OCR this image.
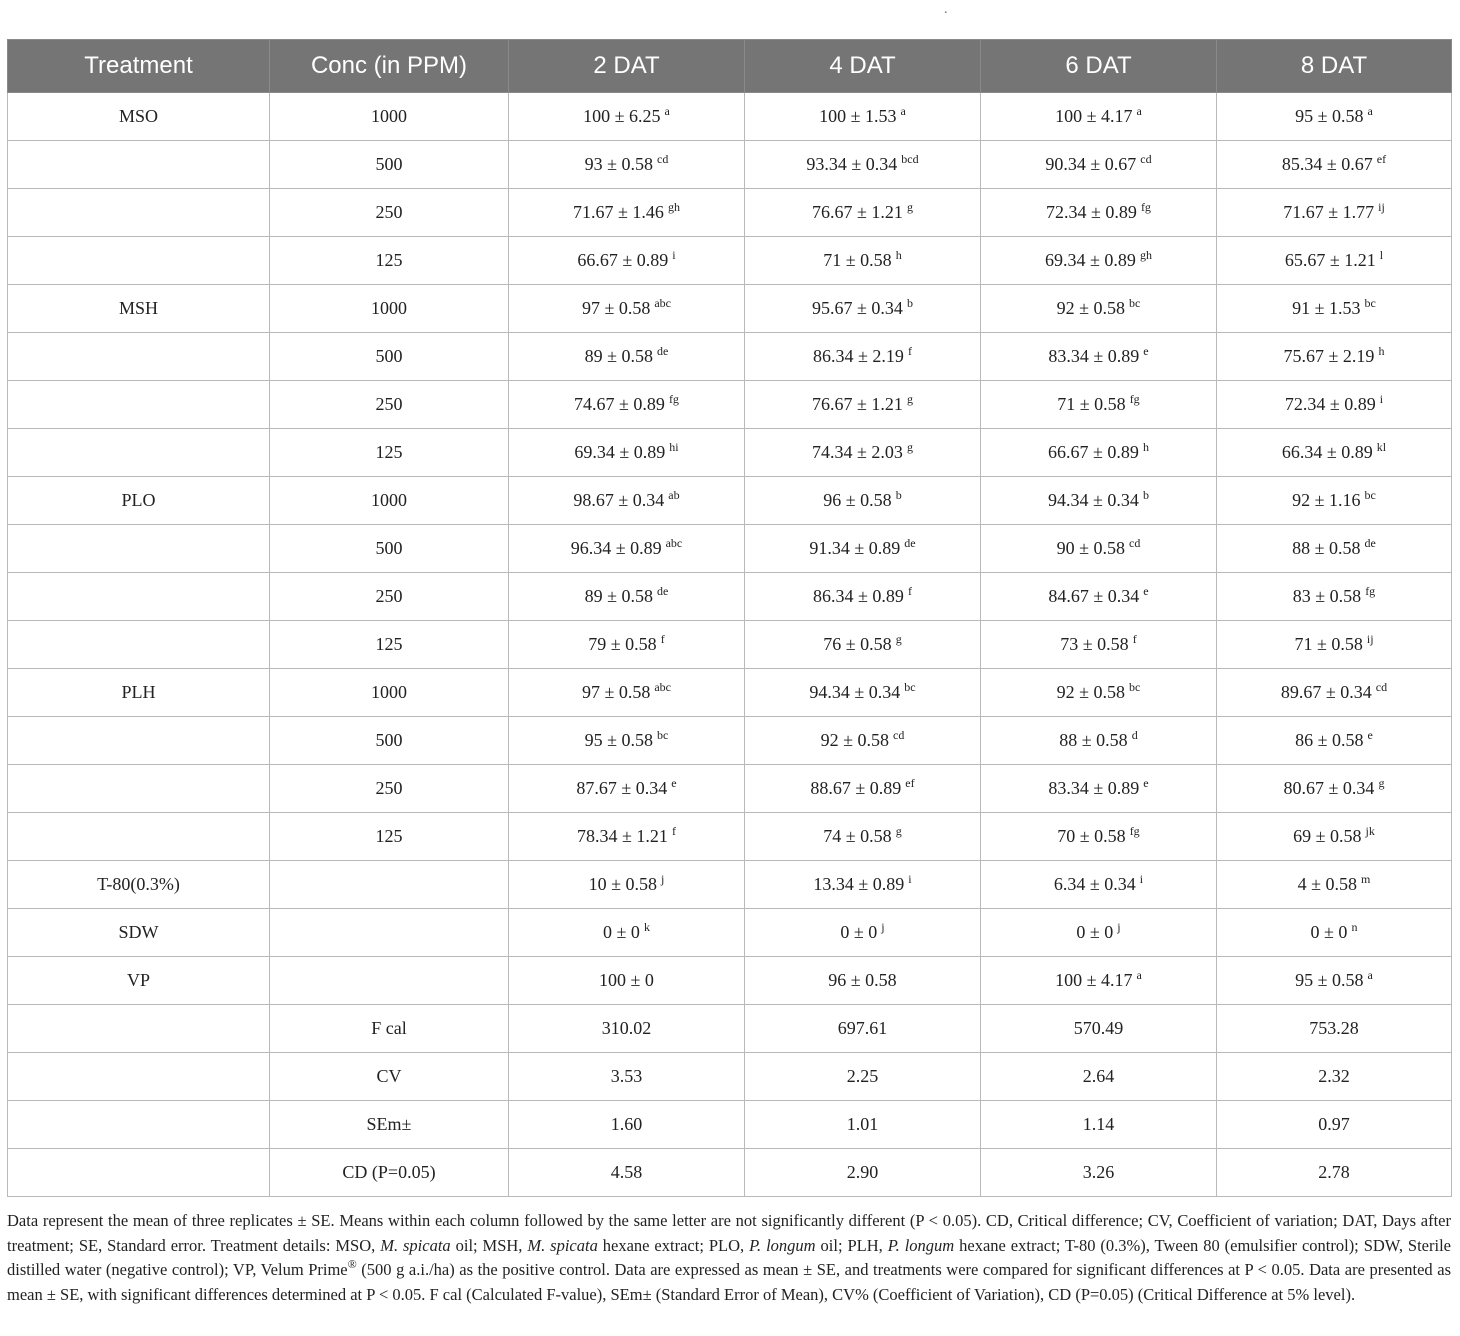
.
Treatment	Conc (in PPM)	2 DAT	4 DAT	6 DAT	8 DAT
MSO	1000	100 ± 6.25 $^a$	100 ± 1.53 $^a$	100 ± 4.17 $^a$	95 ± 0.58 $^a$
	500	93 ± 0.58 $^{cd}$	93.34 ± 0.34 $^{bcd}$	90.34 ± 0.67 $^{cd}$	85.34 ± 0.67 $^{ef}$
	250	71.67 ± 1.46 $^{gh}$	76.67 ± 1.21 $^g$	72.34 ± 0.89 $^{fg}$	71.67 ± 1.77 $^{ij}$
	125	66.67 ± 0.89 $^i$	71 ± 0.58 $^h$	69.34 ± 0.89 $^{gh}$	65.67 ± 1.21 $^l$
MSH	1000	97 ± 0.58 $^{abc}$	95.67 ± 0.34 $^b$	92 ± 0.58 $^{bc}$	91 ± 1.53 $^{bc}$
	500	89 ± 0.58 $^{de}$	86.34 ± 2.19 $^f$	83.34 ± 0.89 $^e$	75.67 ± 2.19 $^h$
	250	74.67 ± 0.89 $^{fg}$	76.67 ± 1.21 $^g$	71 ± 0.58 $^{fg}$	72.34 ± 0.89 $^i$
	125	69.34 ± 0.89 $^{hi}$	74.34 ± 2.03 $^g$	66.67 ± 0.89 $^h$	66.34 ± 0.89 $^{kl}$
PLO	1000	98.67 ± 0.34 $^{ab}$	96 ± 0.58 $^b$	94.34 ± 0.34 $^b$	92 ± 1.16 $^{bc}$
	500	96.34 ± 0.89 $^{abc}$	91.34 ± 0.89 $^{de}$	90 ± 0.58 $^{cd}$	88 ± 0.58 $^{de}$
	250	89 ± 0.58 $^{de}$	86.34 ± 0.89 $^f$	84.67 ± 0.34 $^e$	83 ± 0.58 $^{fg}$
	125	79 ± 0.58 $^f$	76 ± 0.58 $^g$	73 ± 0.58 $^f$	71 ± 0.58 $^{ij}$
PLH	1000	97 ± 0.58 $^{abc}$	94.34 ± 0.34 $^{bc}$	92 ± 0.58 $^{bc}$	89.67 ± 0.34 $^{cd}$
	500	95 ± 0.58 $^{bc}$	92 ± 0.58 $^{cd}$	88 ± 0.58 $^d$	86 ± 0.58 $^e$
	250	87.67 ± 0.34 $^e$	88.67 ± 0.89 $^{ef}$	83.34 ± 0.89 $^e$	80.67 ± 0.34 $^g$
	125	78.34 ± 1.21 $^f$	74 ± 0.58 $^g$	70 ± 0.58 $^{fg}$	69 ± 0.58 $^{jk}$
T-80(0.3%)		10 ± 0.58 $^j$	13.34 ± 0.89 $^i$	6.34 ± 0.34 $^i$	4 ± 0.58 $^m$
SDW		0 ± 0 $^k$	0 ± 0 $^j$	0 ± 0 $^j$	0 ± 0 $^n$
VP		100 ± 0	96 ± 0.58	100 ± 4.17 $^a$	95 ± 0.58 $^a$
	F cal	310.02	697.61	570.49	753.28
	CV	3.53	2.25	2.64	2.32
	SEm±	1.60	1.01	1.14	0.97
	CD (P=0.05)	4.58	2.90	3.26	2.78

Data represent the mean of three replicates ± SE. Means within each column followed by the same letter are not significantly different (P < 0.05). CD, Critical difference; CV, Coefficient of variation; DAT, Days after treatment; SE, Standard error. Treatment details: MSO, M. spicata oil; MSH, M. spicata hexane extract; PLO, P. longum oil; PLH, P. longum hexane extract; T-80 (0.3%), Tween 80 (emulsifier control); SDW, Sterile distilled water (negative control); VP, Velum Prime® (500 g a.i./ha) as the positive control. Data are expressed as mean ± SE, and treatments were compared for significant differences at P < 0.05. Data are presented as mean ± SE, with significant differences determined at P < 0.05. F cal (Calculated F-value), SEm± (Standard Error of Mean), CV% (Coefficient of Variation), CD (P=0.05) (Critical Difference at 5% level).
